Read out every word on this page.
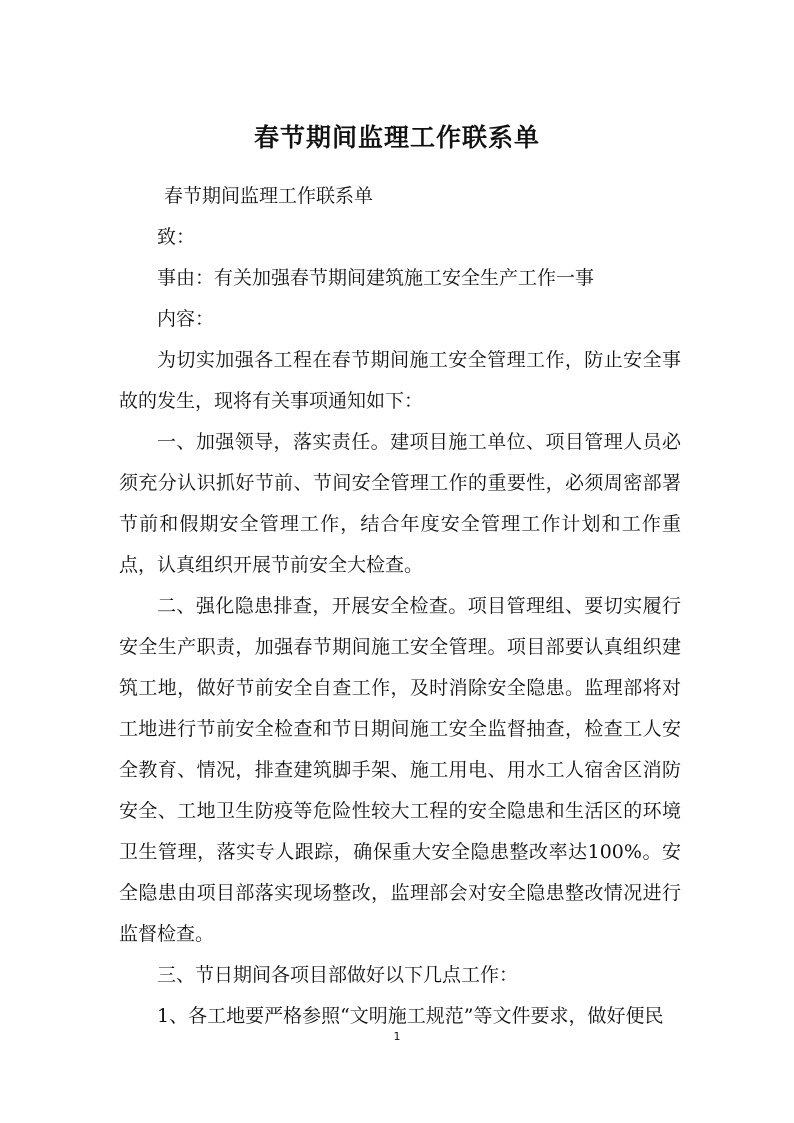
春节期间监理工作联系单

春节期间监理工作联系单

致：

事由：有关加强春节期间建筑施工安全生产工作一事

内容：

为切实加强各工程在春节期间施工安全管理工作，防止安全事故的发生，现将有关事项通知如下：

一、加强领导，落实责任。建项目施工单位、项目管理人员必须充分认识抓好节前、节间安全管理工作的重要性，必须周密部署节前和假期安全管理工作，结合年度安全管理工作计划和工作重点，认真组织开展节前安全大检查。

二、强化隐患排查，开展安全检查。项目管理组、要切实履行安全生产职责，加强春节期间施工安全管理。项目部要认真组织建筑工地，做好节前安全自查工作，及时消除安全隐患。监理部将对工地进行节前安全检查和节日期间施工安全监督抽查，检查工人安全教育、情况，排查建筑脚手架、施工用电、用水工人宿舍区消防安全、工地卫生防疫等危险性较大工程的安全隐患和生活区的环境卫生管理，落实专人跟踪，确保重大安全隐患整改率达100%。安全隐患由项目部落实现场整改，监理部会对安全隐患整改情况进行监督检查。

三、节日期间各项目部做好以下几点工作：

1、各工地要严格参照“文明施工规范”等文件要求，做好便民

1
